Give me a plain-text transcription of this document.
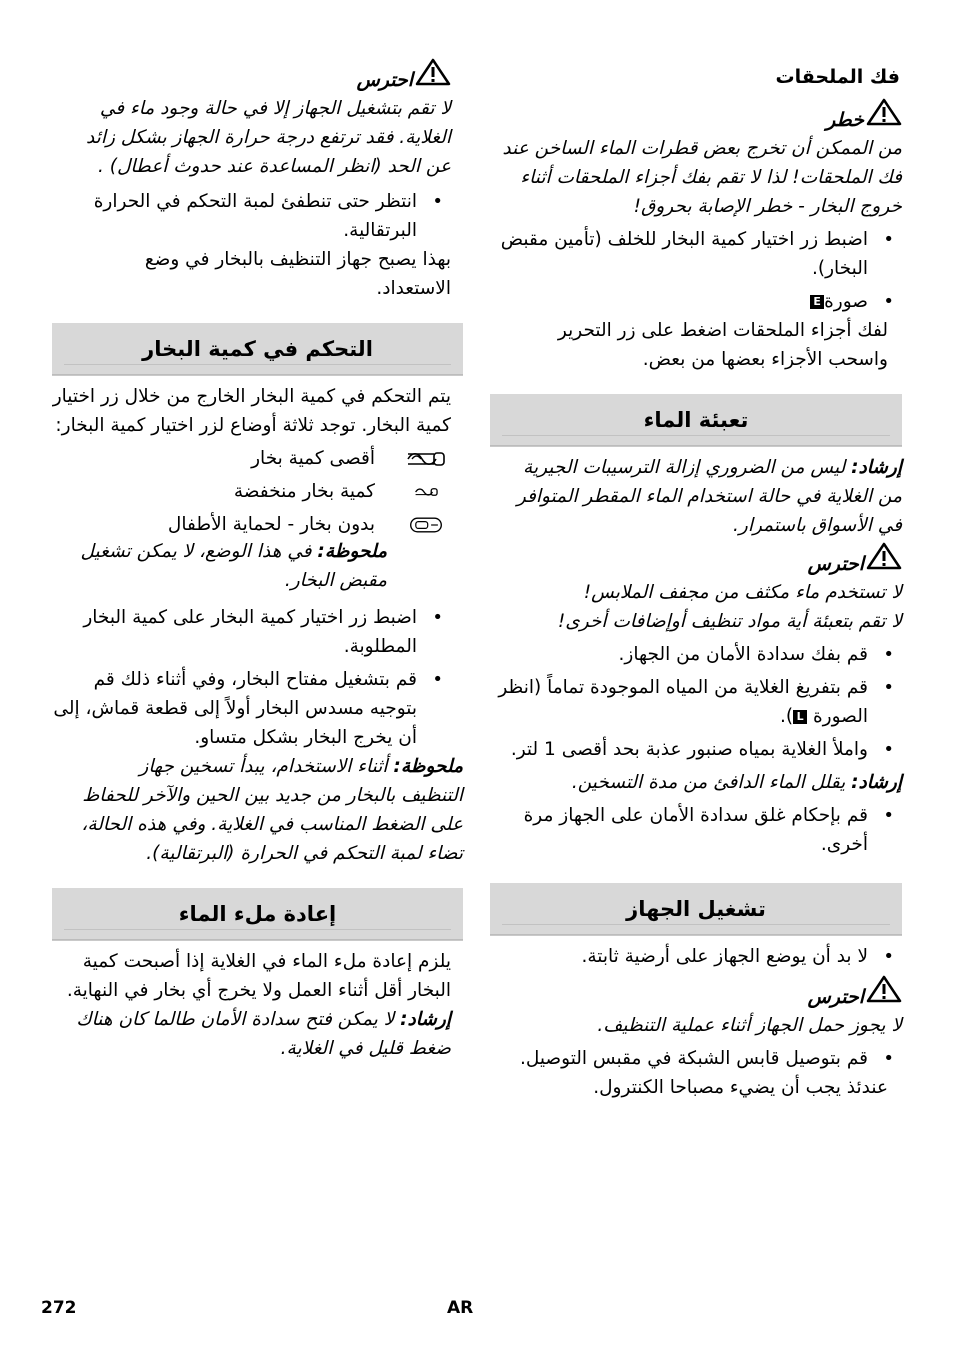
فك الملحقات

خطر

من الممكن أن تخرج بعض قطرات الماء الساخن عند فك الملحقات! لذا لا تقم بفك أجزاء الملحقات أثناء خروج البخار - خطر الإصابة بحروق!

•
اضبط زر اختيار كمية البخار للخلف (تأمين مقبض البخار).
•
صورةE

لفك أجزاء الملحقات اضغط على زر التحرير واسحب الأجزاء بعضها من بعض.

تعبئة الماء

إرشاد: ليس من الضروري إزالة الترسيبات الجيرية من الغلاية في حالة استخدام الماء المقطر المتوافر في الأسواق باستمرار.

احترس

لا تستخدم ماء مكثف من مجفف الملابس!

لا تقم بتعبئة أية مواد تنظيف أوإضافات أخرى!

•
قم بفك سدادة الأمان من الجهاز.
•
قم بتفريغ الغلاية من المياه الموجودة تماماً (انظر الصورة L).
•
واملأ الغلاية بمياه صنبور عذبة بحد أقصى 1 لتر.

إرشاد: يقلل الماء الدافئ من مدة التسخين.

•
قم بإحكام غلق سدادة الأمان على الجهاز مرة أخرى.
تشغيل الجهاز
•
لا بد أن يوضع الجهاز على أرضية ثابتة.
احترس

لا يجوز حمل الجهاز أثناء عملية التنظيف.

•
قم بتوصيل قابس الشبكة في مقبس التوصيل.

عندئذ يجب أن يضيء مصباحا الكنترول.

احترس

لا تقم بتشغيل الجهاز إلا في حالة وجود ماء في الغلاية. فقد ترتفع درجة حرارة الجهاز بشكل زائد عن الحد (انظر المساعدة عند حدوث أعطال) .

•
انتظر حتى تنطفئ لمبة التحكم في الحرارة البرتقالية.

بهذا يصبح جهاز التنظيف بالبخار في وضع الاستعداد.

التحكم في كمية البخار

يتم التحكم في كمية البخار الخارج من خلال زر اختيار كمية البخار. توجد ثلاثة أوضاع لزر اختيار كمية البخار:

أقصى كمية بخار
كمية بخار منخفضة
بدون بخار - لحماية الأطفال

ملحوظة: في هذا الوضع، لا يمكن تشغيل مقبض البخار.

•
اضبط زر اختيار كمية البخار على كمية البخار المطلوبة.
•
قم بتشغيل مفتاح البخار، وفي أثناء ذلك قم بتوجيه مسدس البخار أولاً إلى قطعة قماش، إلى أن يخرج البخار بشكل متساو.

ملحوظة: أثناء الاستخدام، يبدأ تسخين جهاز التنظيف بالبخار من جديد بين الحين والآخر للحفاظ على الضغط المناسب في الغلاية. وفي هذه الحالة، تضاء لمبة التحكم في الحرارة (البرتقالية).

إعادة ملء الماء

يلزم إعادة ملء الماء في الغلاية إذا أصبحت كمية البخار أقل أثناء العمل ولا يخرج أي بخار في النهاية.

إرشاد: لا يمكن فتح سدادة الأمان طالما كان هناك ضغط قليل في الغلاية.

272	AR
